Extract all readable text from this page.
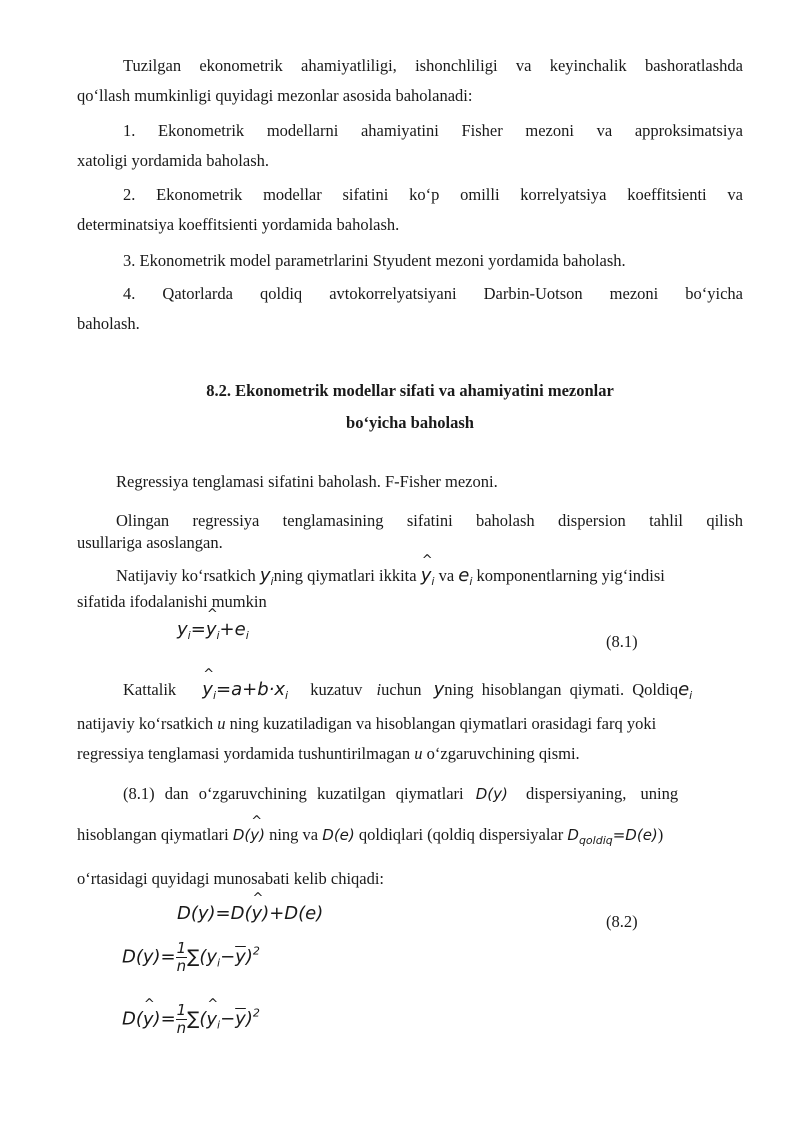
Tuzilgan ekonometrik ahamiyatliligi, ishonchliligi va keyinchalik bashoratlashda
qo‘llash mumkinligi quyidagi mezonlar asosida baholanadi:
1. Ekonometrik modellarni ahamiyatini Fisher mezoni va approksimatsiya
xatoligi yordamida baholash.
2. Ekonometrik modellar sifatini ko‘p omilli korrelyatsiya koeffitsienti va
determinatsiya koeffitsienti yordamida baholash.
3. Ekonometrik model parametrlarini Styudent mezoni yordamida baholash.
4. Qatorlarda qoldiq avtokorrelyatsiyani Darbin-Uotson mezoni bo‘yicha
baholash.
8.2. Ekonometrik modellar sifati va ahamiyatini mezonlar
bo‘yicha baholash
Regressiya tenglamasi sifatini baholash. F-Fisher mezoni.
Olingan regressiya tenglamasining sifatini baholash dispersion tahlil qilish
usullariga asoslangan.
Natijaviy ko‘rsatkich $y_ining$ qiymatlari ikkita ^ $y_i$ va $e_i$ komponentlarning yig‘indisi
sifatida ifodalanishi mumkin
$y_i=\^{}$ $y_i+e_i$	(8.1)
Kattalik ^ $y_i=a+b\cdot x_i$ kuzatuv iuchun yning hisoblangan qiymati. Qoldiqe$_i$
natijaviy ko‘rsatkich u ning kuzatiladigan va hisoblangan qiymatlari orasidagi farq yoki
regressiya tenglamasi yordamida tushuntirilmagan u o‘zgaruvchining qismi.
(8.1) dan o‘zgaruvchining kuzatilgan qiymatlari D(y) dispersiyaning, uning
hisoblangan qiymatlari D(^ y) ning va D(e) qoldiqlari (qoldiq dispersiyalar $D_{qoldiq}=D(e)$)
o‘rtasidagi quyidagi munosabati kelib chiqadi:
D(y)=D(^ y)+D(e)	(8.2)
$D(y)= \frac{1}{n} \sum(y_i-\overline{y})^2$
D(^ $y)= \frac{1}{n}$ ∑(^ $y_i-\overline{y})^2$
